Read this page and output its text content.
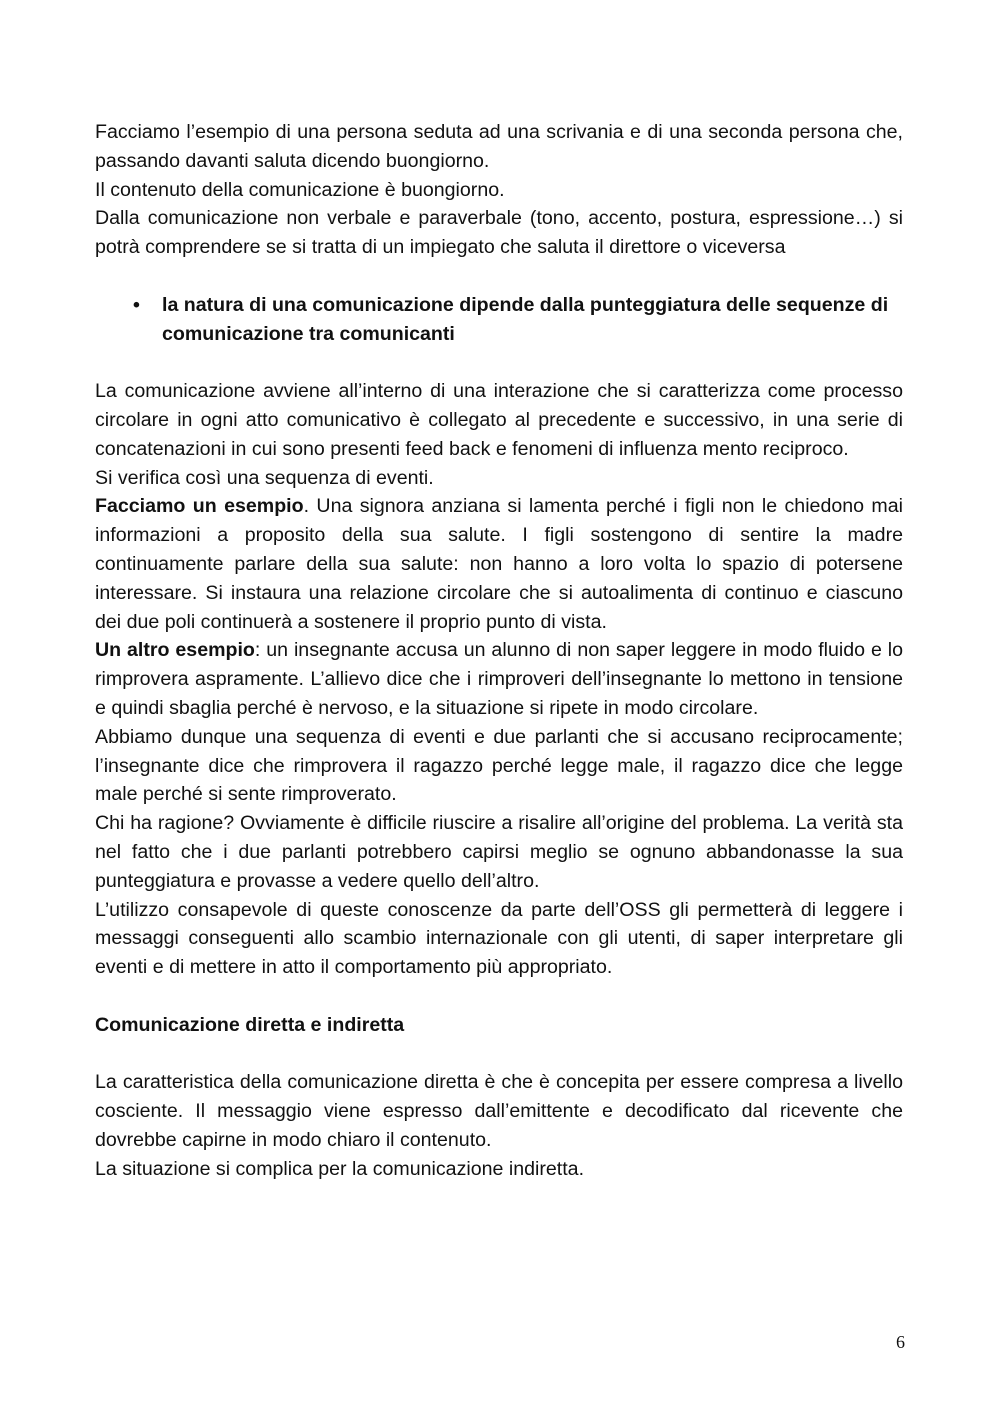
Facciamo l’esempio di una persona seduta ad una scrivania e di una seconda persona che, passando davanti saluta dicendo buongiorno.

Il contenuto della comunicazione è buongiorno.

Dalla comunicazione non verbale e paraverbale (tono, accento, postura, espressione…) si potrà comprendere se si tratta di un impiegato che saluta il direttore o viceversa

• la natura di una comunicazione dipende dalla punteggiatura delle sequenze di comunicazione tra comunicanti

La comunicazione avviene all’interno di una interazione che si caratterizza come processo circolare in ogni atto comunicativo è collegato al precedente e successivo, in una serie di concatenazioni in cui sono presenti feed back e fenomeni di influenza mento reciproco.

Si verifica così una sequenza di eventi.

Facciamo un esempio. Una signora anziana si lamenta perché i figli non le chiedono mai informazioni a proposito della sua salute. I figli sostengono di sentire la madre continuamente parlare della sua salute: non hanno a loro volta lo spazio di potersene interessare. Si instaura una relazione circolare che si autoalimenta di continuo e ciascuno dei due poli continuerà a sostenere il proprio punto di vista.

Un altro esempio: un insegnante accusa un alunno di non saper leggere in modo fluido e lo rimprovera aspramente. L’allievo dice che i rimproveri dell’insegnante lo mettono in tensione e quindi sbaglia perché è nervoso, e la situazione si ripete in modo circolare.

Abbiamo dunque una sequenza di eventi e due parlanti che si accusano reciprocamente; l’insegnante dice che rimprovera il ragazzo perché legge male, il ragazzo dice che legge male perché si sente rimproverato.

Chi ha ragione? Ovviamente è difficile riuscire a risalire all’origine del problema. La verità sta nel fatto che i due parlanti potrebbero capirsi meglio se ognuno abbandonasse la sua punteggiatura e provasse a vedere quello dell’altro.

L’utilizzo consapevole di queste conoscenze da parte dell’OSS gli permetterà di leggere i messaggi conseguenti allo scambio internazionale con gli utenti, di saper interpretare gli eventi e di mettere in atto il comportamento più appropriato.

Comunicazione diretta e indiretta

La caratteristica della comunicazione diretta è che è concepita per essere compresa a livello cosciente. Il messaggio viene espresso dall’emittente e decodificato dal ricevente che dovrebbe capirne in modo chiaro il contenuto.

La situazione si complica per la comunicazione indiretta.

6
